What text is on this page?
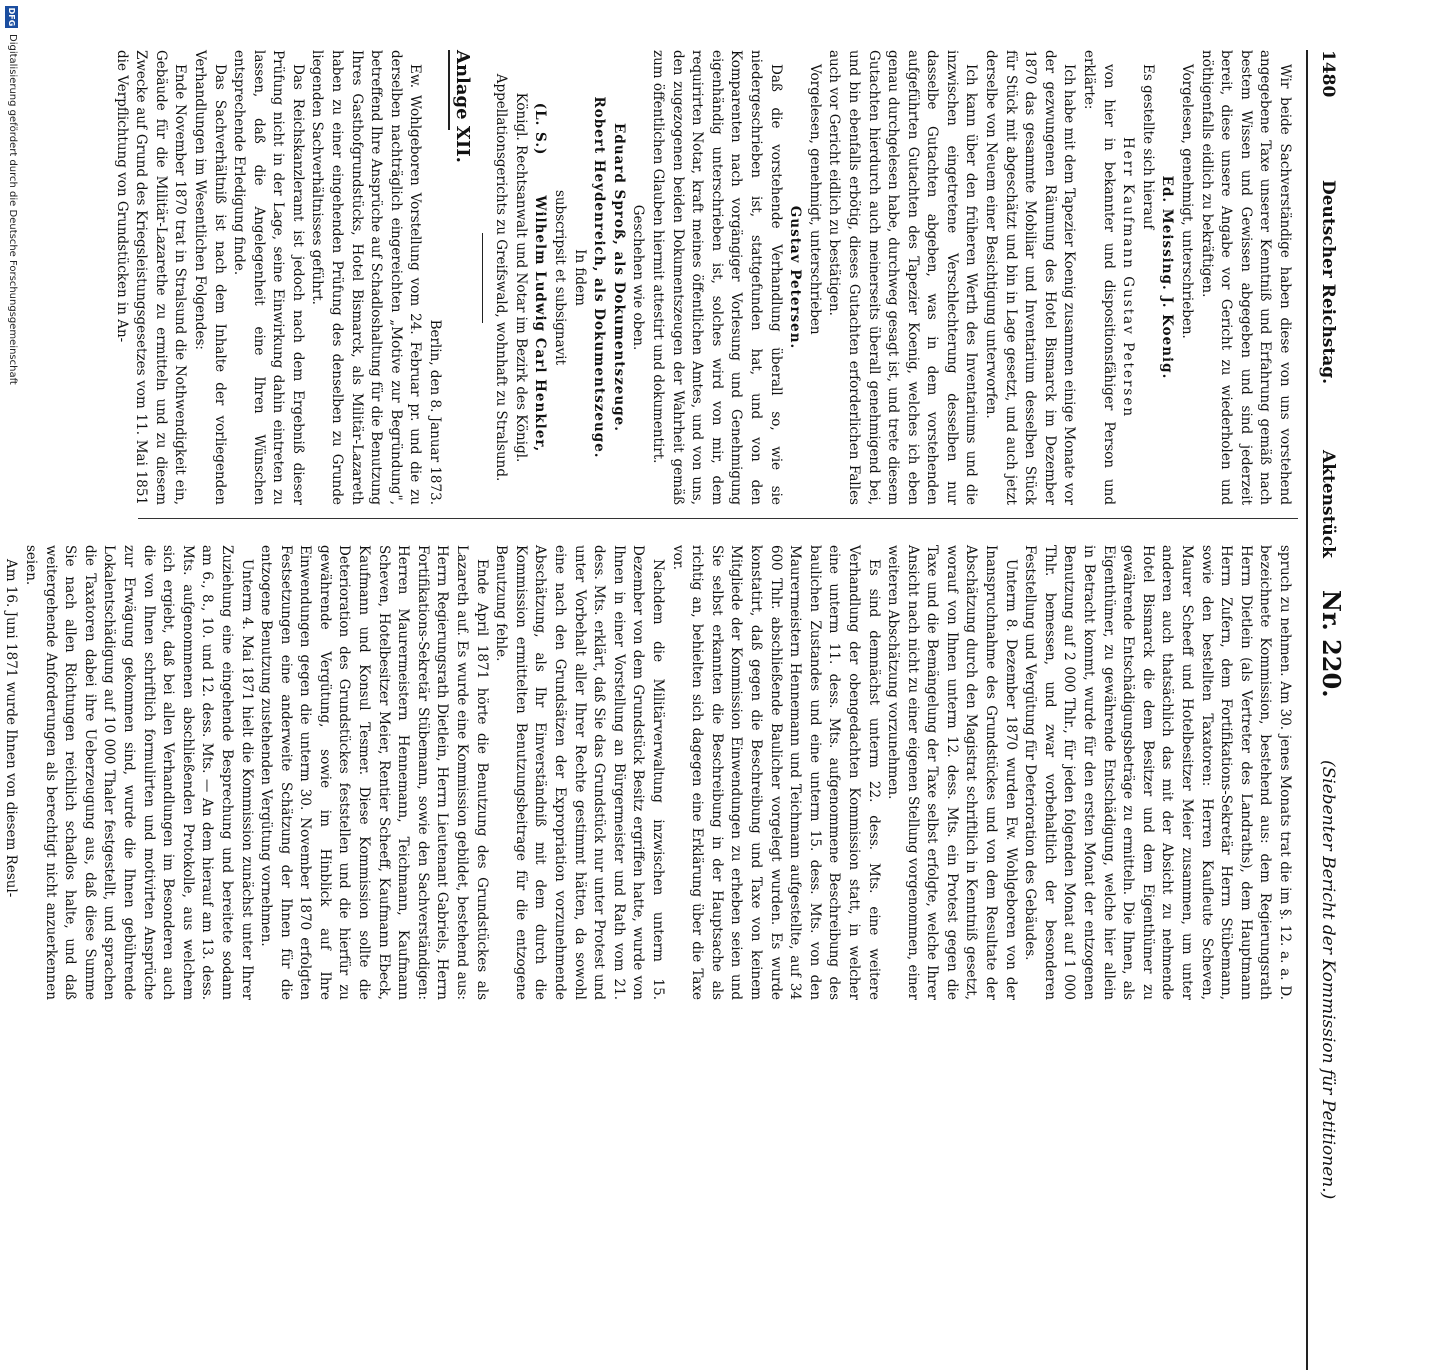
1480
Deutscher Reichstag.
Aktenstück
Nr. 220.
(Siebenter Bericht der Kommission für Petitionen.)

Wir beide Sachverständige haben diese von uns vorstehend angegebene Taxe unserer Kenntniß und Erfahrung gemäß nach bestem Wissen und Gewissen abgegeben und sind jederzeit bereit, diese unsere Angabe vor Gericht zu wiederholen und nöthigenfalls eidlich zu bekräftigen.

Vorgelesen, genehmigt, unterschrieben.

Ed. Meissing. J. Koenig.

Es gestellte sich hierauf

Herr Kaufmann Gustav Petersen

von hier in bekannter und dispositionsfähiger Person und erklärte:

Ich habe mit dem Tapezier Koenig zusammen einige Monate vor der gezwungenen Räumung des Hotel Bismarck im Dezember 1870 das gesammte Mobiliar und Inventarium desselben Stück für Stück mit abgeschätzt und bin in Lage gesetzt, und auch jetzt derselbe von Neuem einer Besichtigung unterworfen.

Ich kann über den früheren Werth des Inventariums und die inzwischen eingetretene Verschlechterung desselben nur dasselbe Gutachten abgeben, was in dem vorstehenden aufgeführten Gutachten des Tapezier Koenig, welches ich eben genau durchgelesen habe, durchweg gesagt ist, und trete diesem Gutachten hierdurch auch meinerseits überall genehmigend bei, und bin ebenfalls erbötig, dieses Gutachten erforderlichen Falles auch vor Gericht eidlich zu bestätigen.

Vorgelesen, genehmigt, unterschrieben

Gustav Petersen.

Daß die vorstehende Verhandlung überall so, wie sie niedergeschrieben ist, stattgefunden hat, und von den Komparenten nach vorgängiger Vorlesung und Genehmigung eigenhändig unterschrieben ist, solches wird von mir, dem requirirten Notar, kraft meines öffentlichen Amtes, und von uns, den zugezogenen beiden Dokumentszeugen der Wahrheit gemäß zum öffentlichen Glauben hiermit attestirt und dokumentirt.

Geschehen wie oben.

Eduard Sproß, als Dokumentszeuge.

Robert Heydenreich, als Dokumentszeuge.

In fidem

subscripsit et subsignavit

(L. S.)Wilhelm Ludwig Carl Henkler,

Königl. Rechtsanwalt und Notar im Bezirk des Königl. Appellationsgerichts zu Greifswald, wohnhaft zu Stralsund.

Anlage XII.

Berlin, den 8. Januar 1873.

Ew. Wohlgeboren Vorstellung vom 24. Februar pr. und die zu derselben nachträglich eingereichten „Motive zur Begründung", betreffend Ihre Ansprüche auf Schadloshaltung für die Benutzung Ihres Gasthofgrundstücks, Hotel Bismarck, als Militär-Lazareth haben zu einer eingehenden Prüfung des denselben zu Grunde liegenden Sachverhältnisses geführt.

Das Reichskanzleramt ist jedoch nach dem Ergebniß dieser Prüfung nicht in der Lage, seine Einwirkung dahin eintreten zu lassen, daß die Angelegenheit eine Ihren Wünschen entsprechende Erledigung finde.

Das Sachverhältniß ist nach dem Inhalte der vorliegenden Verhandlungen im Wesentlichen Folgendes:

Ende November 1870 trat in Stralsund die Nothwendigkeit ein, Gebäude für die Militär-Lazarethe zu ermitteln und zu diesem Zwecke auf Grund des Kriegsleistungsgesetzes vom 11. Mai 1851 die Verpflichtung von Grundstücken in An-

spruch zu nehmen. Am 30. jenes Monats trat die im §. 12. a. a. D. bezeichnete Kommission, bestehend aus: dem Regierungsrath Herrn Dietlein (als Vertreter des Landraths), dem Hauptmann Herrn Zufern, dem Fortifikations-Sekretär Herrn Stübemann, sowie den bestellten Taxatoren: Herren Kaufleute Scheven, Maurer Scheeff und Hotelbesitzer Meier zusammen, um unter anderen auch thatsächlich das mit der Absicht zu nehmende Hotel Bismarck die dem Besitzer und dem Eigenthümer zu gewährende Entschädigungsbeträge zu ermitteln. Die Ihnen, als Eigenthümer, zu gewährende Entschädigung, welche hier allein in Betracht kommt, wurde für den ersten Monat der entzogenen Benutzung auf 2 000 Thlr., für jeden folgenden Monat auf 1 000 Thlr. bemessen, und zwar vorbehaltlich der besonderen Feststellung und Vergütung für Deterioration des Gebäudes.

Unterm 8. Dezember 1870 wurden Ew. Wohlgeboren von der Inanspruchnahme des Grundstückes und von dem Resultate der Abschätzung durch den Magistrat schriftlich in Kenntniß gesetzt, worauf von Ihnen unterm 12. dess. Mts. ein Protest gegen die Taxe und die Bemängelung der Taxe selbst erfolgte, welche Ihrer Ansicht nach nicht zu einer eigenen Stellung vorgenommen, einer weiteren Abschätzung vorzunehmen.

Es sind demnächst unterm 22. dess. Mts. eine weitere Verhandlung der obengedachten Kommission statt, in welcher eine unterm 11. dess. Mts. aufgenommene Beschreibung des baulichen Zustandes und eine unterm 15. dess. Mts. von den Maurermeistern Hennemann und Teichmann aufgestellte, auf 34 600 Thlr. abschließende Baulicher vorgelegt wurden. Es wurde konstatirt, daß gegen die Beschreibung und Taxe von keinem Mitgliede der Kommission Einwendungen zu erheben seien und Sie selbst erkannten die Beschreibung in der Hauptsache als richtig an, behielten sich dagegen eine Erklärung über die Taxe vor.

Nachdem die Militärverwaltung inzwischen unterm 15. Dezember von dem Grundstück Besitz ergriffen hatte, wurde von Ihnen in einer Vorstellung an Bürgermeister und Rath vom 21. dess. Mts. erklärt, daß Sie das Grundstück nur unter Protest und unter Vorbehalt aller Ihrer Rechte gestimmt hätten, da sowohl eine nach den Grundsätzen der Expropriation vorzunehmende Abschätzung, als Ihr Einverständniß mit dem durch die Kommission ermittelten Benutzungsbeitrage für die entzogene Benutzung fehle.

Ende April 1871 hörte die Benutzung des Grundstückes als Lazareth auf. Es wurde eine Kommission gebildet, bestehend aus: Herrn Regierungsrath Dietlein, Herrn Lieutenant Gabriels, Herrn Fortifikations-Sekretär Stübemann, sowie den Sachverständigen: Herren Maurermeistern Hennemann, Teichmann, Kaufmann Scheven, Hotelbesitzer Meier, Rentier Scheeff, Kaufmann Ebeck, Kaufmann und Konsul Tesmer. Diese Kommission sollte die Deterioration des Grundstückes feststellen und die hierfür zu gewährende Vergütung, sowie im Hinblick auf Ihre Einwendungen gegen die unterm 30. November 1870 erfolgten Festsetzungen eine anderweite Schätzung der Ihnen für die entzogene Benutzung zustehenden Vergütung vornehmen.

Unterm 4. Mai 1871 hielt die Kommission zunächst unter Ihrer Zuziehung eine eingehende Besprechung und bereitete sodann am 6., 8., 10. und 12. dess. Mts. — An dem hierauf am 13. dess. Mts. aufgenommenen abschließenden Protokolle, aus welchem sich ergiebt, daß bei allen Verhandlungen im Besonderen auch die von Ihnen schriftlich formulirten und motivirten Ansprüche zur Erwägung gekommen sind, wurde die Ihnen gebührende Lokalentschädigung auf 10 000 Thaler festgestellt, und sprachen die Taxatoren dabei ihre Ueberzeugung aus, daß diese Summe Sie nach allen Richtungen reichlich schadlos halte, und daß weitergehende Anforderungen als berechtigt nicht anzuerkennen seien.

Am 16. Juni 1871 wurde Ihnen von diesem Resul-

DFG
Digitalisierung gefördert durch die Deutsche Forschungsgemeinschaft
